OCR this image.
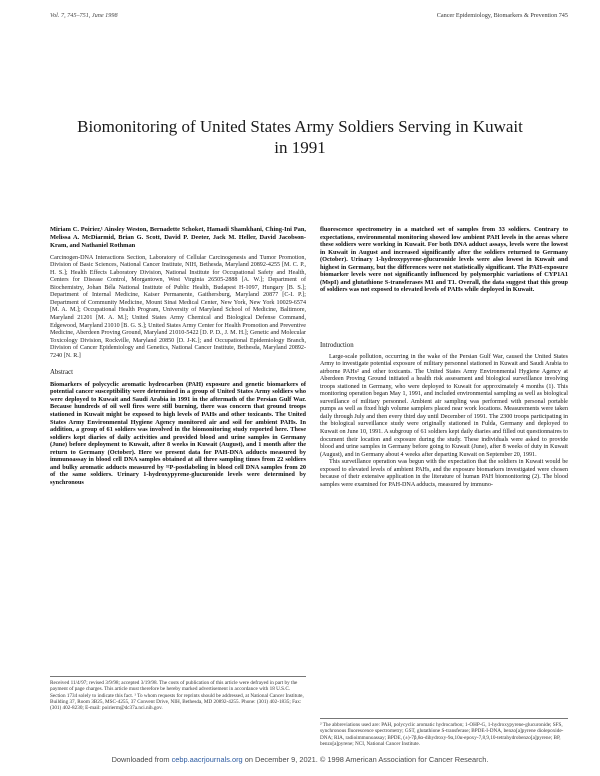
Vol. 7, 745–751, June 1998	Cancer Epidemiology, Biomarkers & Prevention 745
Biomonitoring of United States Army Soldiers Serving in Kuwait in 1991
Miriam C. Poirier,¹ Ainsley Weston, Bernadette Schoket, Hamadi Shamkhani, Ching-Ini Pan, Melissa A. McDiarmid, Brian G. Scott, David P. Deeter, Jack M. Heller, David Jacobson-Kram, and Nathaniel Rothman
Carcinogen-DNA Interactions Section, Laboratory of Cellular Carcinogenesis and Tumor Promotion, Division of Basic Sciences, National Cancer Institute, NIH, Bethesda, Maryland 20892-4255 [M. C. P., H. S.]; Health Effects Laboratory Division, National Institute for Occupational Safety and Health, Centers for Disease Control, Morgantown, West Virginia 26505-2888 [A. W.]; Department of Biochemistry, Johan Béla National Institute of Public Health, Budapest H-1097, Hungary [B. S.]; Department of Internal Medicine, Kaiser Permanente, Gaithersburg, Maryland 20877 [C-I. P.]; Department of Community Medicine, Mount Sinai Medical Center, New York, New York 10029-6574 [M. A. M.]; Occupational Health Program, University of Maryland School of Medicine, Baltimore, Maryland 21201 [M. A. M.]; United States Army Chemical and Biological Defense Command, Edgewood, Maryland 21010 [B. G. S.]; United States Army Center for Health Promotion and Preventive Medicine, Aberdeen Proving Ground, Maryland 21010-5422 [D. P. D., J. M. H.]; Genetic and Molecular Toxicology Division, Rockville, Maryland 20850 [D. J-K.]; and Occupational Epidemiology Branch, Division of Cancer Epidemiology and Genetics, National Cancer Institute, Bethesda, Maryland 20892-7240 [N. R.]
Abstract
Biomarkers of polycyclic aromatic hydrocarbon (PAH) exposure and genetic biomarkers of potential cancer susceptibility were determined in a group of United States Army soldiers who were deployed to Kuwait and Saudi Arabia in 1991 in the aftermath of the Persian Gulf War. Because hundreds of oil well fires were still burning, there was concern that ground troops stationed in Kuwait might be exposed to high levels of PAHs and other toxicants. The United States Army Environmental Hygiene Agency monitored air and soil for ambient PAHs. In addition, a group of 61 soldiers was involved in the biomonitoring study reported here. These soldiers kept diaries of daily activities and provided blood and urine samples in Germany (June) before deployment to Kuwait, after 8 weeks in Kuwait (August), and 1 month after the return to Germany (October). Here we present data for PAH-DNA adducts measured by immunoassay in blood cell DNA samples obtained at all three sampling times from 22 soldiers and bulky aromatic adducts measured by ³²P-postlabeling in blood cell DNA samples from 20 of the same soldiers. Urinary 1-hydroxypyrene-glucuronide levels were determined by synchronous
fluorescence spectrometry in a matched set of samples from 33 soldiers. Contrary to expectations, environmental monitoring showed low ambient PAH levels in the areas where these soldiers were working in Kuwait. For both DNA adduct assays, levels were the lowest in Kuwait in August and increased significantly after the soldiers returned to Germany (October). Urinary 1-hydroxypyrene-glucuronide levels were also lowest in Kuwait and highest in Germany, but the differences were not statistically significant. The PAH-exposure biomarker levels were not significantly influenced by polymorphic variations of CYP1A1 (MspI) and glutathione S-transferases M1 and T1. Overall, the data suggest that this group of soldiers was not exposed to elevated levels of PAHs while deployed in Kuwait.
Introduction
Large-scale pollution, occurring in the wake of the Persian Gulf War, caused the United States Army to investigate potential exposure of military personnel stationed in Kuwait and Saudi Arabia to airborne PAHs² and other toxicants. The United States Army Environmental Hygiene Agency at Aberdeen Proving Ground initiated a health risk assessment and biological surveillance involving troops stationed in Germany, who were deployed to Kuwait for approximately 4 months (1). This monitoring operation began May 1, 1991, and included environmental sampling as well as biological surveillance of military personnel. Ambient air sampling was performed with personal portable pumps as well as fixed high volume samplers placed near work locations. Measurements were taken daily through July and then every third day until December of 1991. The 2300 troops participating in the biological surveillance study were originally stationed in Fulda, Germany and deployed to Kuwait on June 10, 1991. A subgroup of 61 soldiers kept daily diaries and filled out questionnaires to document their location and exposure during the study. These individuals were asked to provide blood and urine samples in Germany before going to Kuwait (June), after 8 weeks of duty in Kuwait (August), and in Germany about 4 weeks after departing Kuwait on September 20, 1991.
This surveillance operation was begun with the expectation that the soldiers in Kuwait would be exposed to elevated levels of ambient PAHs, and the exposure biomarkers investigated were chosen because of their extensive application in the literature of human PAH biomonitoring (2). The blood samples were examined for PAH-DNA adducts, measured by immuno-
Received 11/4/97; revised 3/9/98; accepted 3/19/98. The costs of publication of this article were defrayed in part by the payment of page charges. This article must therefore be hereby marked advertisement in accordance with 18 U.S.C. Section 1734 solely to indicate this fact. ¹ To whom requests for reprints should be addressed, at National Cancer Institute, Building 37, Room 3B25, MSC-4255, 37 Convent Drive, NIH, Bethesda, MD 20892-4255. Phone: (301) 402-1835; Fax: (301) 402-8230; E-mail: poirierm@dc37a.nci.nih.gov.
² The abbreviations used are: PAH, polycyclic aromatic hydrocarbon; 1-OHP-G, 1-hydroxypyrene-glucuronide; SFS, synchronous fluorescence spectrometry; GST, glutathione S-transferase; BPDE-I-DNA, benzo[a]pyrene diolepoxide-DNA; RIA, radioimmunoassay; BPDE, (±)-7β,8α-dihydroxy-9α,10α-epoxy-7,8,9,10-tetrahydrobenzo[a]pyrene; BP, benzo[a]pyrene; NCI, National Cancer Institute.
Downloaded from cebp.aacrjournals.org on December 9, 2021. © 1998 American Association for Cancer Research.
